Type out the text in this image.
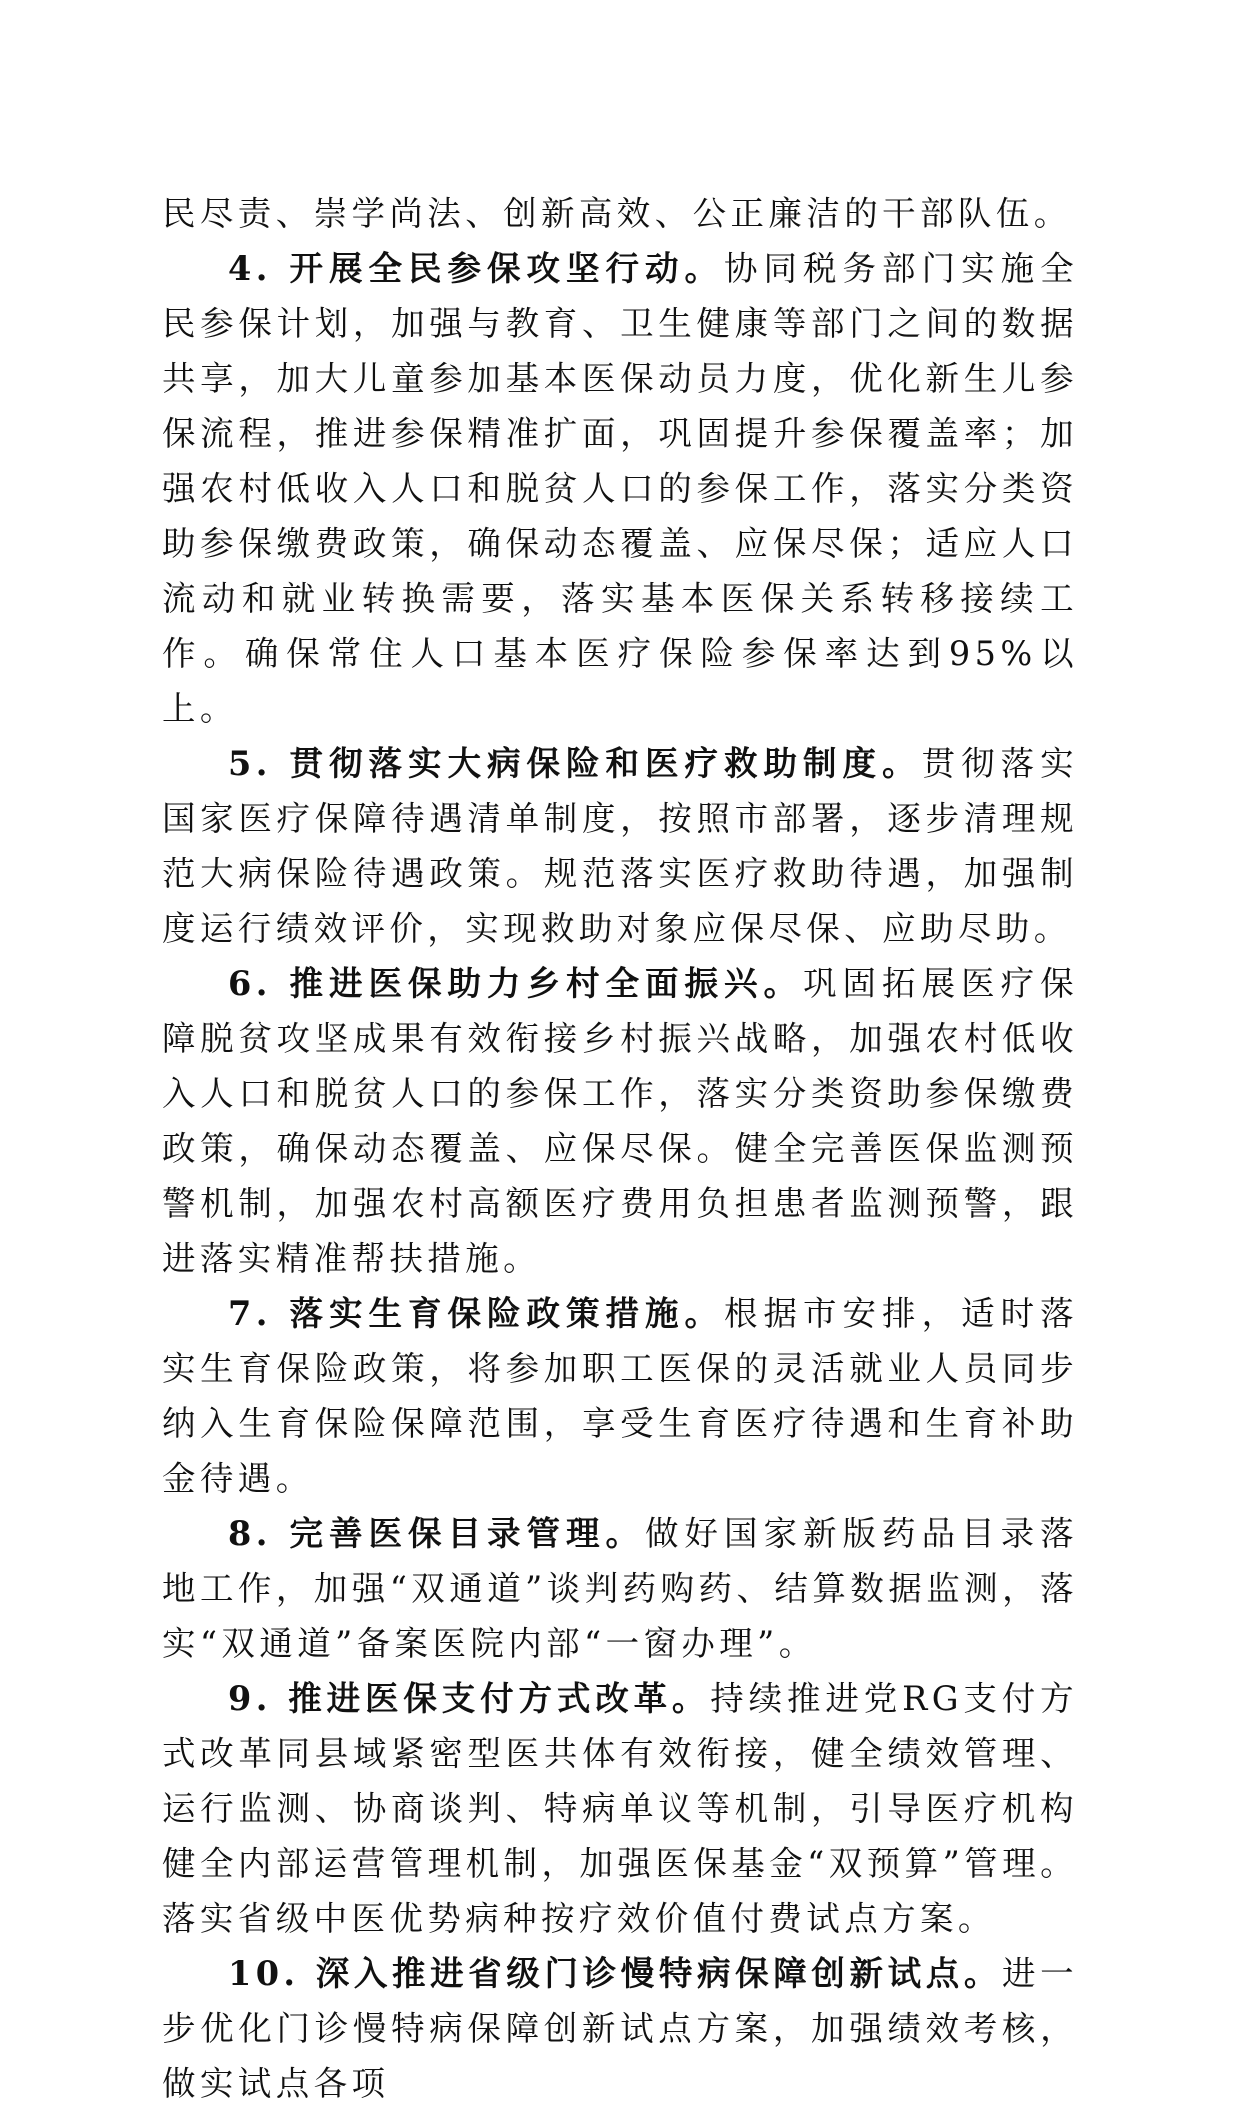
民尽责、崇学尚法、创新高效、公正廉洁的干部队伍。

4. 开展全民参保攻坚行动。协同税务部门实施全民参保计划，加强与教育、卫生健康等部门之间的数据共享，加大儿童参加基本医保动员力度，优化新生儿参保流程，推进参保精准扩面，巩固提升参保覆盖率；加强农村低收入人口和脱贫人口的参保工作，落实分类资助参保缴费政策，确保动态覆盖、应保尽保；适应人口流动和就业转换需要，落实基本医保关系转移接续工作。确保常住人口基本医疗保险参保率达到95%以上。

5. 贯彻落实大病保险和医疗救助制度。贯彻落实国家医疗保障待遇清单制度，按照市部署，逐步清理规范大病保险待遇政策。规范落实医疗救助待遇，加强制度运行绩效评价，实现救助对象应保尽保、应助尽助。

6. 推进医保助力乡村全面振兴。巩固拓展医疗保障脱贫攻坚成果有效衔接乡村振兴战略，加强农村低收入人口和脱贫人口的参保工作，落实分类资助参保缴费政策，确保动态覆盖、应保尽保。健全完善医保监测预警机制，加强农村高额医疗费用负担患者监测预警，跟进落实精准帮扶措施。

7. 落实生育保险政策措施。根据市安排，适时落实生育保险政策，将参加职工医保的灵活就业人员同步纳入生育保险保障范围，享受生育医疗待遇和生育补助金待遇。

8. 完善医保目录管理。做好国家新版药品目录落地工作，加强“双通道”谈判药购药、结算数据监测，落实“双通道”备案医院内部“一窗办理”。

9. 推进医保支付方式改革。持续推进党RG支付方式改革同县域紧密型医共体有效衔接，健全绩效管理、运行监测、协商谈判、特病单议等机制，引导医疗机构健全内部运营管理机制，加强医保基金“双预算”管理。落实省级中医优势病种按疗效价值付费试点方案。

10. 深入推进省级门诊慢特病保障创新试点。进一步优化门诊慢特病保障创新试点方案，加强绩效考核，做实试点各项
